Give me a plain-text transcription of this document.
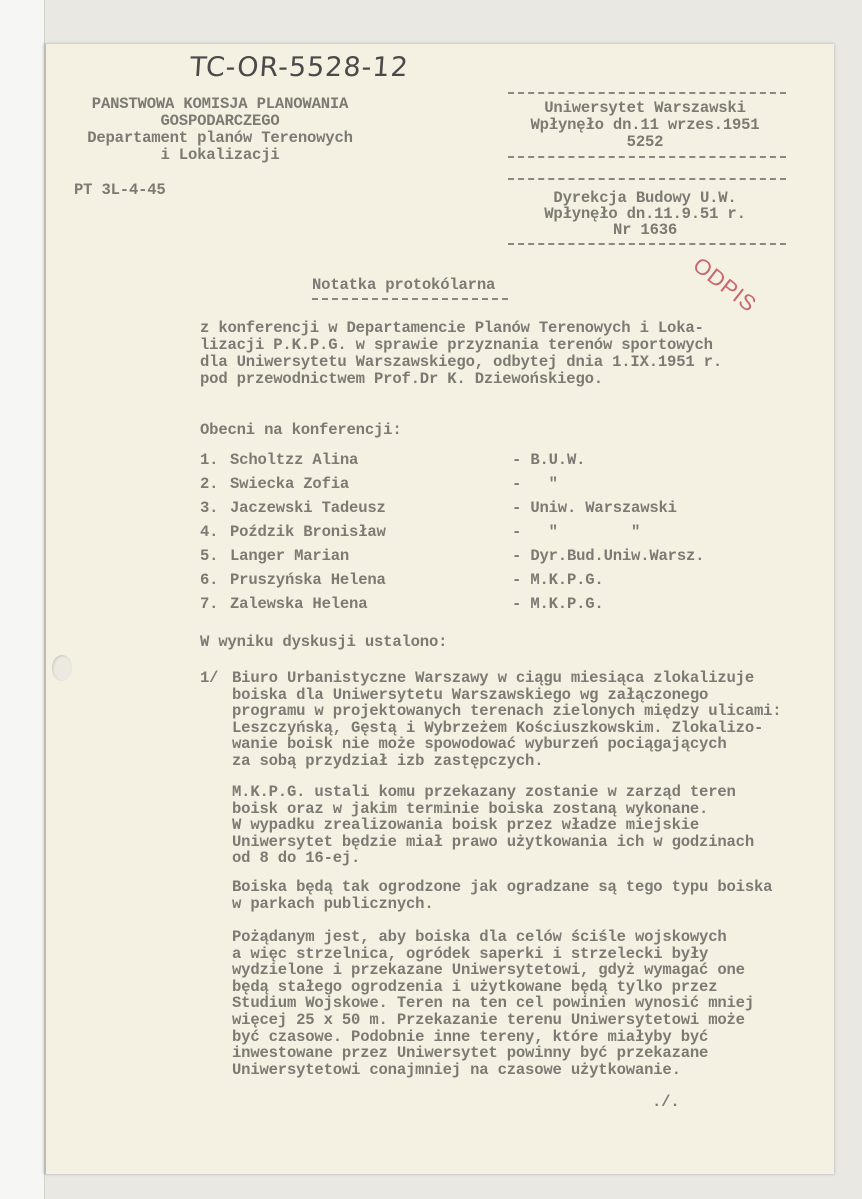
TC-OR-5528-12
PANSTWOWA KOMISJA PLANOWANIA
GOSPODARCZEGO
Departament planów Terenowych
i Lokalizacji
PT 3L-4-45
Uniwersytet Warszawski
Wpłynęło dn.11 wrzes.1951
5252
Dyrekcja Budowy U.W.
Wpłynęło dn.11.9.51 r.
Nr 1636
ODPIS
Notatka protokólarna
z konferencji w Departamencie Planów Terenowych i Loka-
lizacji P.K.P.G. w sprawie przyznania terenów sportowych
dla Uniwersytetu Warszawskiego, odbytej dnia 1.IX.1951 r.
pod przewodnictwem Prof.Dr K. Dziewońskiego.
Obecni na konferencji:
1. Scholtzz Alina	- B.U.W.
2. Swiecka Zofia	-   "
3. Jaczewski Tadeusz	- Uniw. Warszawski
4. Poździk Bronisław	-   "        "
5. Langer Marian	- Dyr.Bud.Uniw.Warsz.
6. Pruszyńska Helena	- M.K.P.G.
7. Zalewska Helena	- M.K.P.G.
W wyniku dyskusji ustalono:
1/ Biuro Urbanistyczne Warszawy w ciągu miesiąca zlokalizuje
boiska dla Uniwersytetu Warszawskiego wg załączonego
programu w projektowanych terenach zielonych między ulicami:
Leszczyńską, Gęstą i Wybrzeżem Kościuszkowskim. Zlokalizo-
wanie boisk nie może spowodować wyburzeń pociągających
za sobą przydział izb zastępczych.
M.K.P.G. ustali komu przekazany zostanie w zarząd teren
boisk oraz w jakim terminie boiska zostaną wykonane.
W wypadku zrealizowania boisk przez władze miejskie
Uniwersytet będzie miał prawo użytkowania ich w godzinach
od 8 do 16-ej.
Boiska będą tak ogrodzone jak ogradzane są tego typu boiska
w parkach publicznych.
Pożądanym jest, aby boiska dla celów ściśle wojskowych
a więc strzelnica, ogródek saperki i strzelecki były
wydzielone i przekazane Uniwersytetowi, gdyż wymagać one
będą stałego ogrodzenia i użytkowane będą tylko przez
Studium Wojskowe. Teren na ten cel powinien wynosić mniej
więcej 25 x 50 m. Przekazanie terenu Uniwersytetowi może
być czasowe. Podobnie inne tereny, które miałyby być
inwestowane przez Uniwersytet powinny być przekazane
Uniwersytetowi conajmniej na czasowe użytkowanie.
./.
